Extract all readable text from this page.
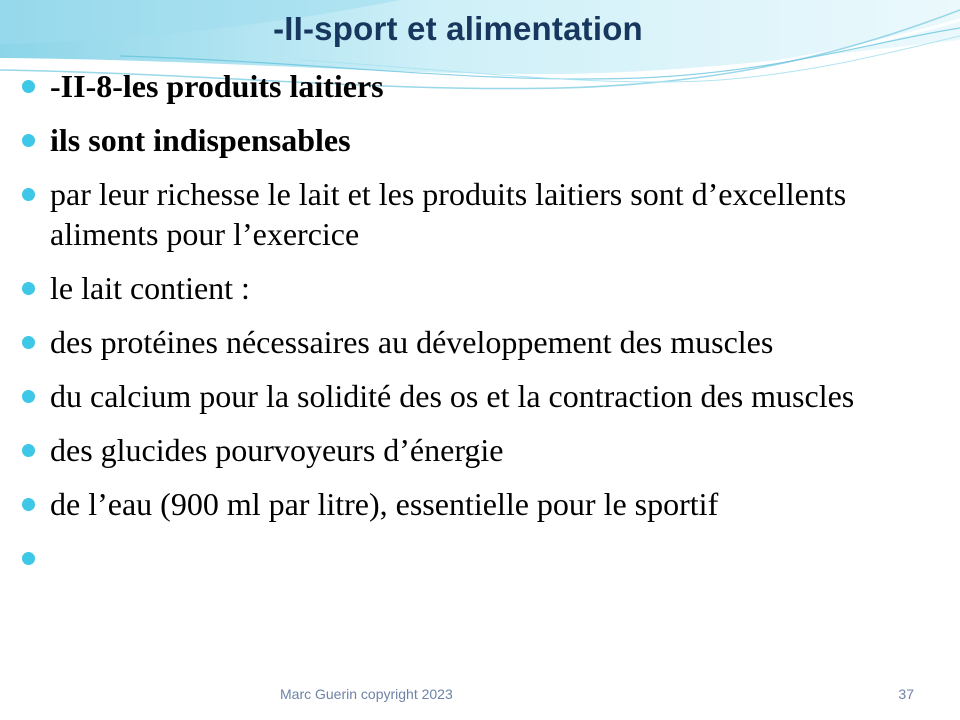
-II-sport et alimentation
-II-8-les produits laitiers
ils sont indispensables
par leur richesse le lait et les produits laitiers sont d’excellents aliments pour l’exercice
le lait contient :
des protéines nécessaires au développement des muscles
du calcium pour la solidité des os et la contraction des muscles
des glucides pourvoyeurs d’énergie
de l’eau (900 ml par litre), essentielle pour le sportif
Marc Guerin copyright 2023	37
